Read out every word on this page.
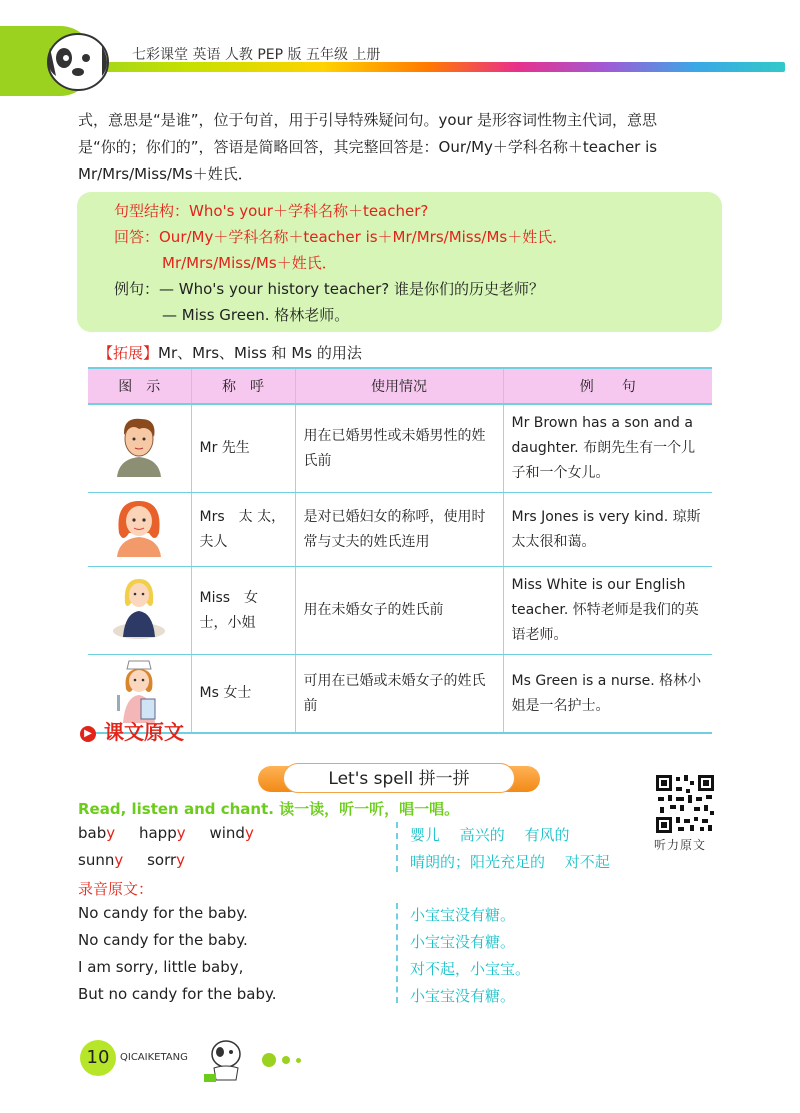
七彩课堂 英语 人教 PEP 版 五年级 上册
式，意思是“是谁”，位于句首，用于引导特殊疑问句。your 是形容词性物主代词，意思
是“你的；你们的”，答语是简略回答，其完整回答是：Our/My＋学科名称＋teacher is
Mr/Mrs/Miss/Ms＋姓氏．
句型结构：Who's your＋学科名称＋teacher?
回答：Our/My＋学科名称＋teacher is＋Mr/Mrs/Miss/Ms＋姓氏．
Mr/Mrs/Miss/Ms＋姓氏．
例句：— Who's your history teacher? 谁是你们的历史老师？
— Miss Green. 格林老师。
【拓展】Mr、Mrs、Miss 和 Ms 的用法
图　示	称　呼	使用情况	例　　句
	Mr 先生	用在已婚男性或未婚男性的姓氏前	Mr Brown has a son and a daughter. 布朗先生有一个儿子和一个女儿。
	Mrs　太 太，夫人	是对已婚妇女的称呼，使用时常与丈夫的姓氏连用	Mrs Jones is very kind. 琼斯太太很和蔼。
	Miss　女 士，小姐	用在未婚女子的姓氏前	Miss White is our English teacher. 怀特老师是我们的英语老师。
	Ms 女士	可用在已婚或未婚女子的姓氏前	Ms Green is a nurse. 格林小姐是一名护士。
▶ 课文原文
Let's spell 拼一拼
Read, listen and chant. 读一读，听一听，唱一唱。
baby happy windy
sunny sorry
婴儿　 高兴的　 有风的
晴朗的；阳光充足的　 对不起
录音原文：
No candy for the baby.
No candy for the baby.
I am sorry, little baby,
But no candy for the baby.
小宝宝没有糖。
小宝宝没有糖。
对不起，小宝宝。
小宝宝没有糖。
听力原文
10	QICAIKETANG
